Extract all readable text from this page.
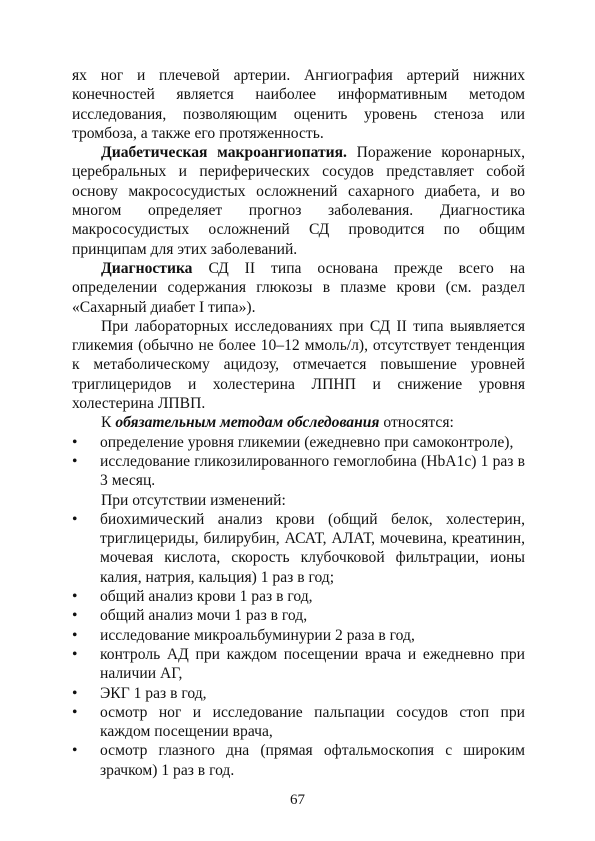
ях ног и плечевой артерии. Ангиография артерий нижних конечностей является наиболее информативным методом исследования, позволяющим оценить уровень стеноза или тромбоза, а также его протяженность.

Диабетическая макроангиопатия. Поражение коронарных, церебральных и периферических сосудов представляет собой основу макрососудистых осложнений сахарного диабета, и во многом определяет прогноз заболевания. Диагностика макрососудистых осложнений СД проводится по общим принципам для этих заболеваний.

Диагностика СД II типа основана прежде всего на определении содержания глюкозы в плазме крови (см. раздел «Сахарный диабет I типа»).

При лабораторных исследованиях при СД II типа выявляется гликемия (обычно не более 10–12 ммоль/л), отсутствует тенденция к метаболическому ацидозу, отмечается повышение уровней триглицеридов и холестерина ЛПНП и снижение уровня холестерина ЛПВП.

К обязательным методам обследования относятся:

• определение уровня гликемии (ежедневно при самоконтроле),
• исследование гликозилированного гемоглобина (HbA1c) 1 раз в 3 месяц.

При отсутствии изменений:

• биохимический анализ крови (общий белок, холестерин, триглицериды, билирубин, АСАТ, АЛАТ, мочевина, креатинин, мочевая кислота, скорость клубочковой фильтрации, ионы калия, натрия, кальция) 1 раз в год;
• общий анализ крови 1 раз в год,
• общий анализ мочи 1 раз в год,
• исследование микроальбуминурии 2 раза в год,
• контроль АД при каждом посещении врача и ежедневно при наличии АГ,
• ЭКГ 1 раз в год,
• осмотр ног и исследование пальпации сосудов стоп при каждом посещении врача,
• осмотр глазного дна (прямая офтальмоскопия с широким зрачком) 1 раз в год.
67
